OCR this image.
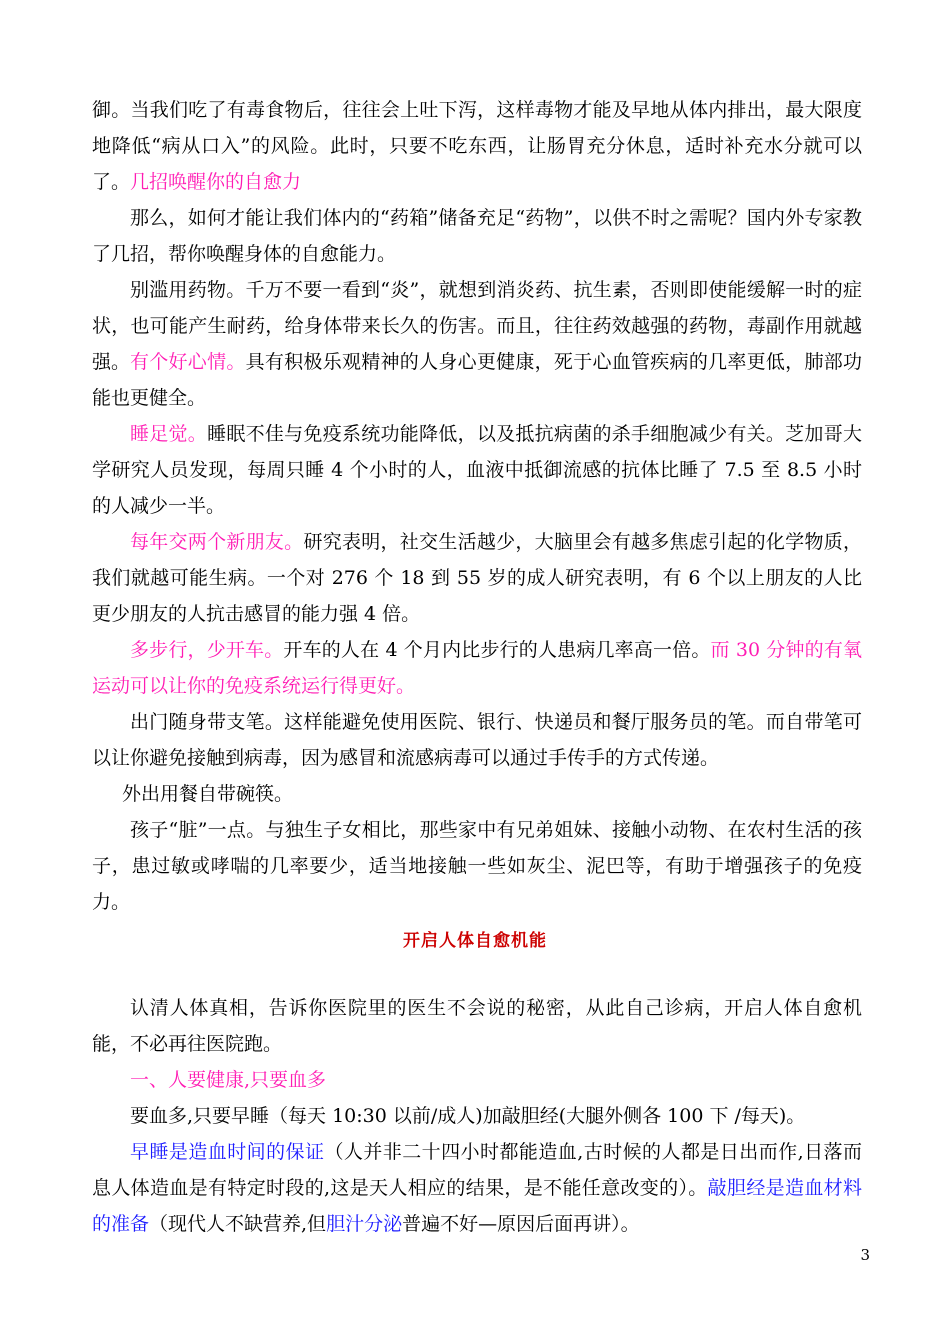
御。当我们吃了有毒食物后，往往会上吐下泻，这样毒物才能及早地从体内排出，最大限度地降低“病从口入”的风险。此时，只要不吃东西，让肠胃充分休息，适时补充水分就可以了。 几招唤醒你的自愈力

那么，如何才能让我们体内的“药箱”储备充足“药物”，以供不时之需呢？国内外专家教了几招，帮你唤醒身体的自愈能力。

别滥用药物。千万不要一看到“炎”，就想到消炎药、抗生素，否则即使能缓解一时的症状，也可能产生耐药，给身体带来长久的伤害。而且，往往药效越强的药物，毒副作用就越强。 有个好心情。具有积极乐观精神的人身心更健康，死于心血管疾病的几率更低，肺部功能也更健全。

睡足觉。睡眠不佳与免疫系统功能降低，以及抵抗病菌的杀手细胞减少有关。芝加哥大学研究人员发现，每周只睡 4 个小时的人，血液中抵御流感的抗体比睡了 7.5 至 8.5 小时的人减少一半。

每年交两个新朋友。研究表明，社交生活越少，大脑里会有越多焦虑引起的化学物质，我们就越可能生病。一个对 276 个 18 到 55 岁的成人研究表明，有 6 个以上朋友的人比更少朋友的人抗击感冒的能力强 4 倍。

多步行，少开车。开车的人在 4 个月内比步行的人患病几率高一倍。而 30 分钟的有氧运动可以让你的免疫系统运行得更好。

出门随身带支笔。这样能避免使用医院、银行、快递员和餐厅服务员的笔。而自带笔可以让你避免接触到病毒，因为感冒和流感病毒可以通过手传手的方式传递。

外出用餐自带碗筷。

孩子“脏”一点。与独生子女相比，那些家中有兄弟姐妹、接触小动物、在农村生活的孩子，患过敏或哮喘的几率要少，适当地接触一些如灰尘、泥巴等，有助于增强孩子的免疫力。

开启人体自愈机能

认清人体真相，告诉你医院里的医生不会说的秘密，从此自己诊病，开启人体自愈机能，不必再往医院跑。

一、人要健康,只要血多

要血多,只要早睡（每天 10:30 以前/成人)加敲胆经(大腿外侧各 100 下 /每天)。

早睡是造血时间的保证（人并非二十四小时都能造血,古时候的人都是日出而作,日落而息人体造血是有特定时段的,这是天人相应的结果，是不能任意改变的）。敲胆经是造血材料的准备（现代人不缺营养,但胆汁分泌普遍不好—原因后面再讲）。

3
